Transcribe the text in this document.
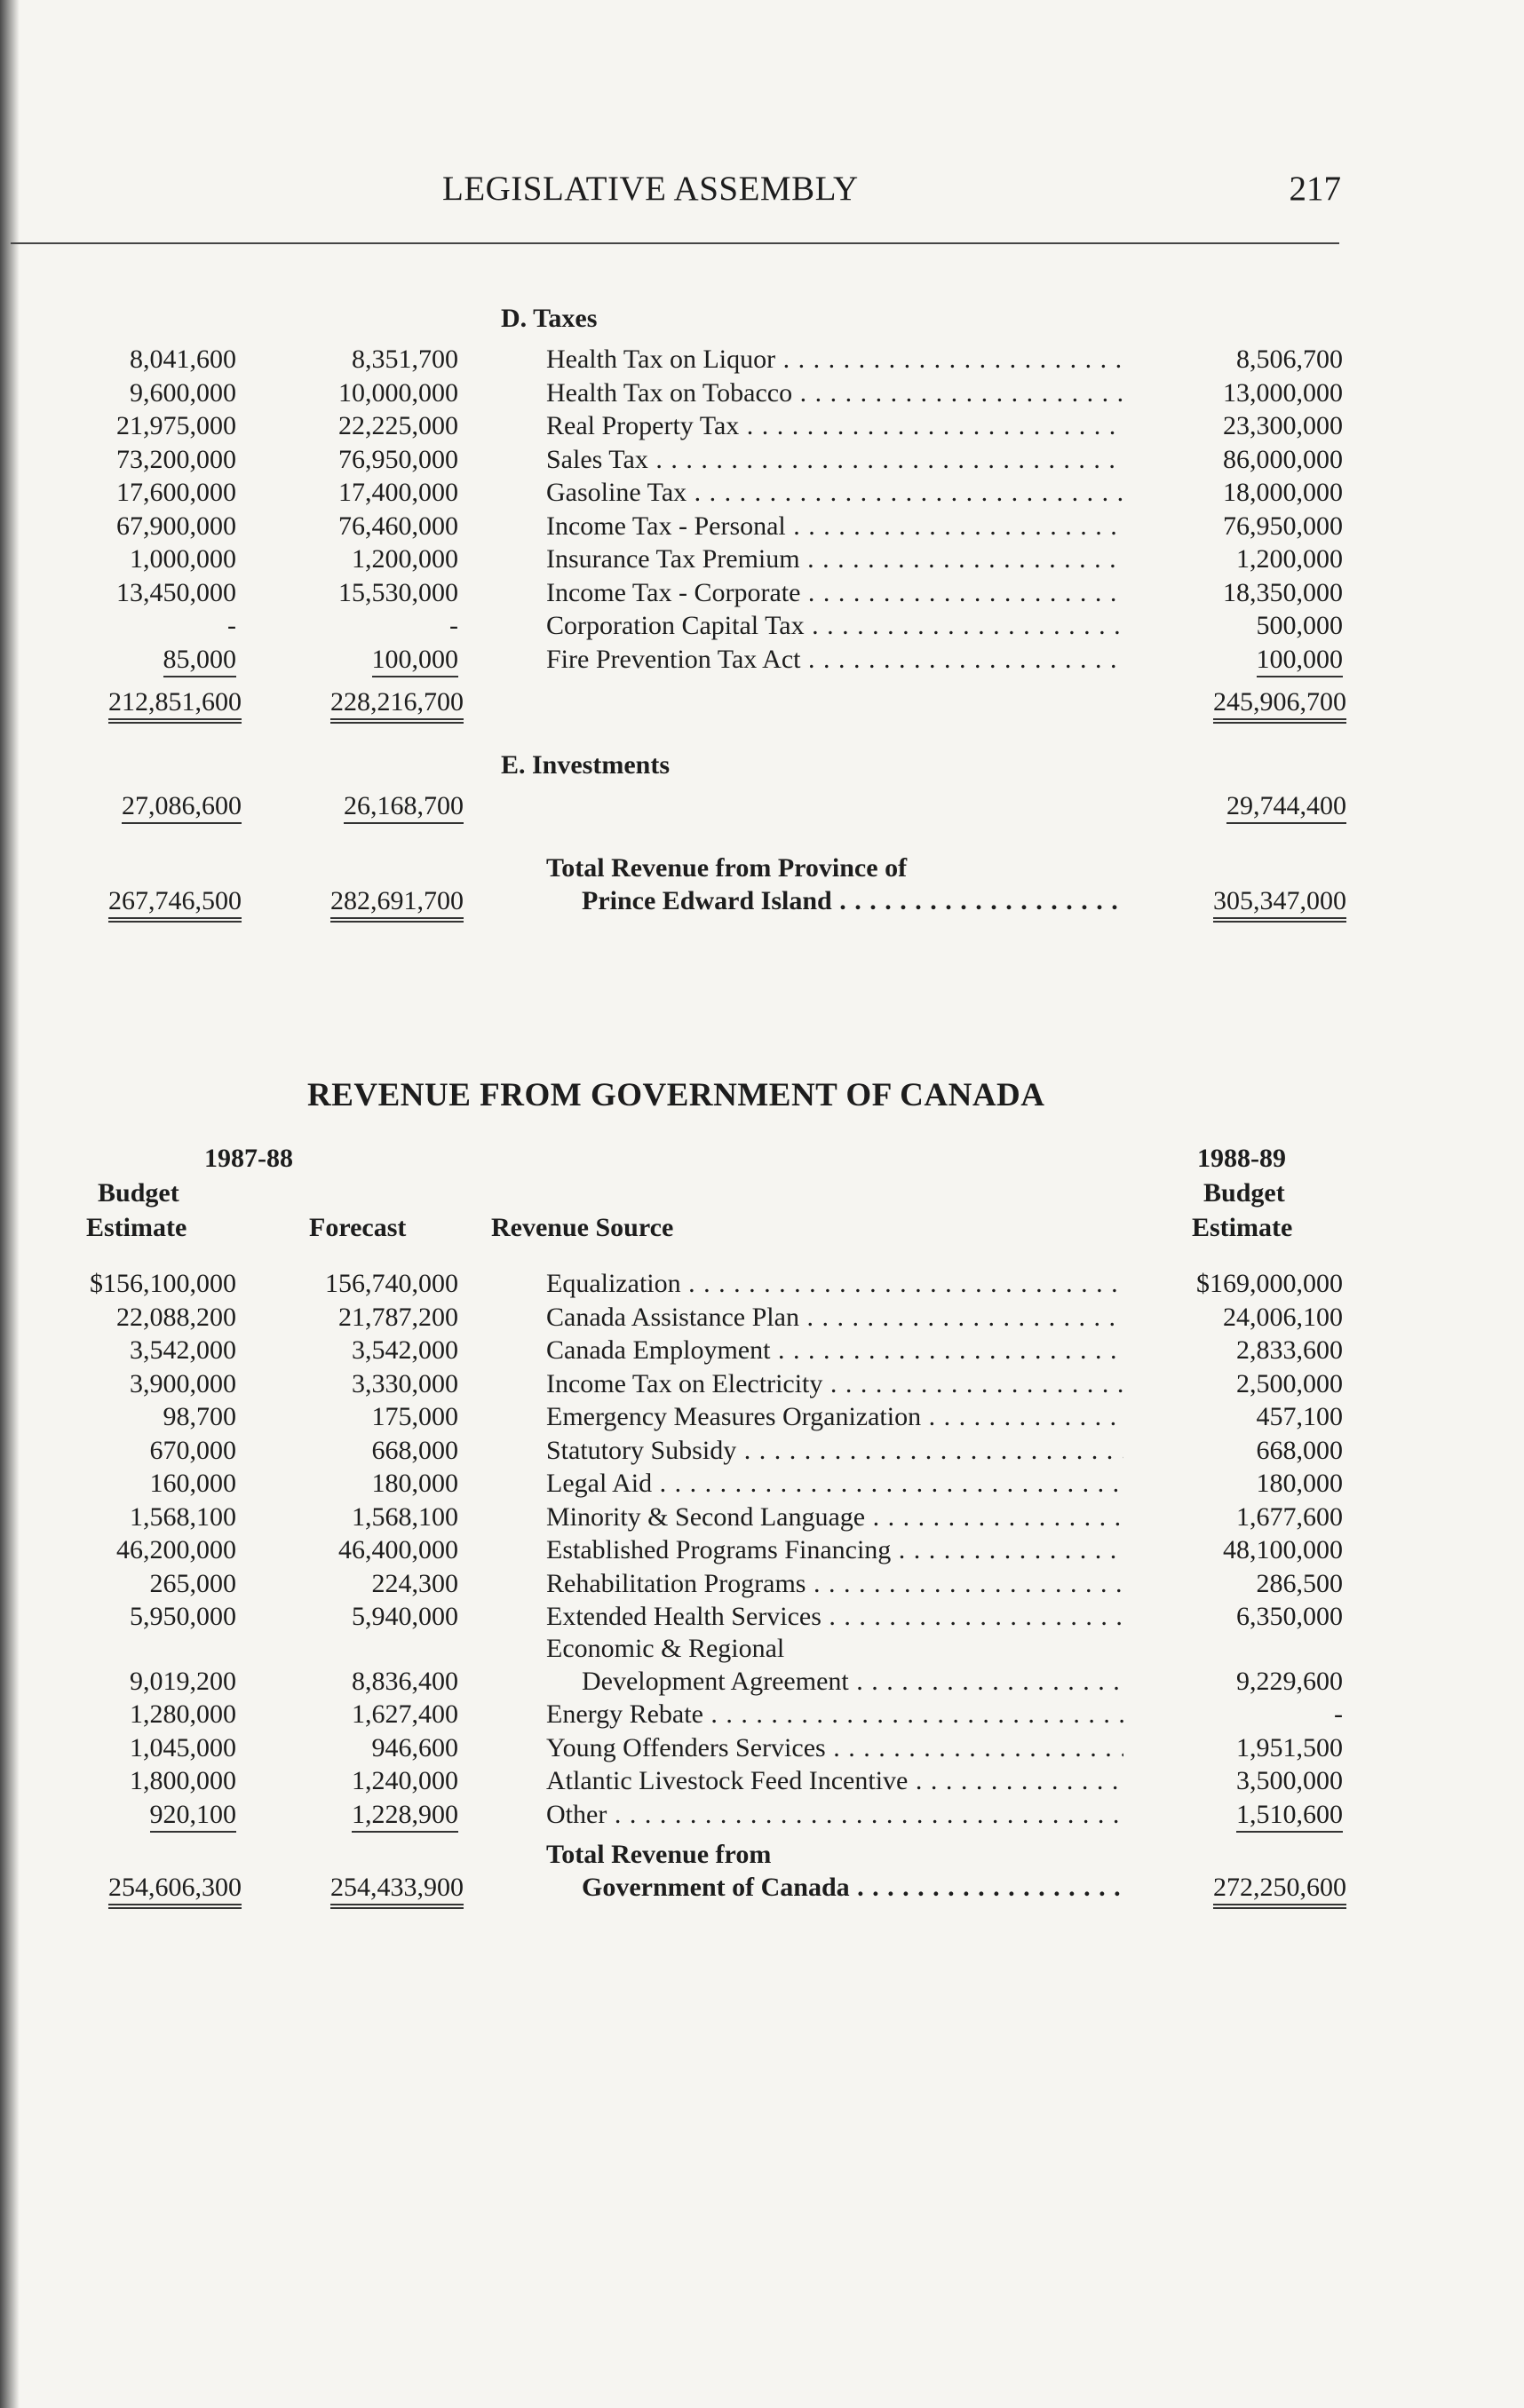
LEGISLATIVE ASSEMBLY	217
D. Taxes
8,041,600	8,351,700	Health Tax on Liquor . . .	8,506,700
9,600,000	10,000,000	Health Tax on Tobacco . . .	13,000,000
21,975,000	22,225,000	Real Property Tax . . .	23,300,000
73,200,000	76,950,000	Sales Tax . . .	86,000,000
17,600,000	17,400,000	Gasoline Tax . . .	18,000,000
67,900,000	76,460,000	Income Tax - Personal . . .	76,950,000
1,000,000	1,200,000	Insurance Tax Premium . . .	1,200,000
13,450,000	15,530,000	Income Tax - Corporate . . .	18,350,000
-	-	Corporation Capital Tax . . .	500,000
85,000	100,000	Fire Prevention Tax Act . . .	100,000
212,851,600	228,216,700	245,906,700
E. Investments
27,086,600	26,168,700	29,744,400
Total Revenue from Province of
267,746,500	282,691,700	Prince Edward Island . . .	305,347,000
REVENUE FROM GOVERNMENT OF CANADA
1987-88
Budget
Estimate	Forecast	Revenue Source
1988-89
Budget
Estimate
$156,100,000	156,740,000	Equalization . . .	$169,000,000
22,088,200	21,787,200	Canada Assistance Plan . . .	24,006,100
3,542,000	3,542,000	Canada Employment . . .	2,833,600
3,900,000	3,330,000	Income Tax on Electricity . . .	2,500,000
98,700	175,000	Emergency Measures Organization . . .	457,100
670,000	668,000	Statutory Subsidy . . .	668,000
160,000	180,000	Legal Aid . . .	180,000
1,568,100	1,568,100	Minority & Second Language . . .	1,677,600
46,200,000	46,400,000	Established Programs Financing . . .	48,100,000
265,000	224,300	Rehabilitation Programs . . .	286,500
5,950,000	5,940,000	Extended Health Services . . .	6,350,000
Economic & Regional
9,019,200	8,836,400	Development Agreement . . .	9,229,600
1,280,000	1,627,400	Energy Rebate . . .	-
1,045,000	946,600	Young Offenders Services . . .	1,951,500
1,800,000	1,240,000	Atlantic Livestock Feed Incentive . . .	3,500,000
920,100	1,228,900	Other . . .	1,510,600
Total Revenue from
254,606,300	254,433,900	Government of Canada . . .	272,250,600
